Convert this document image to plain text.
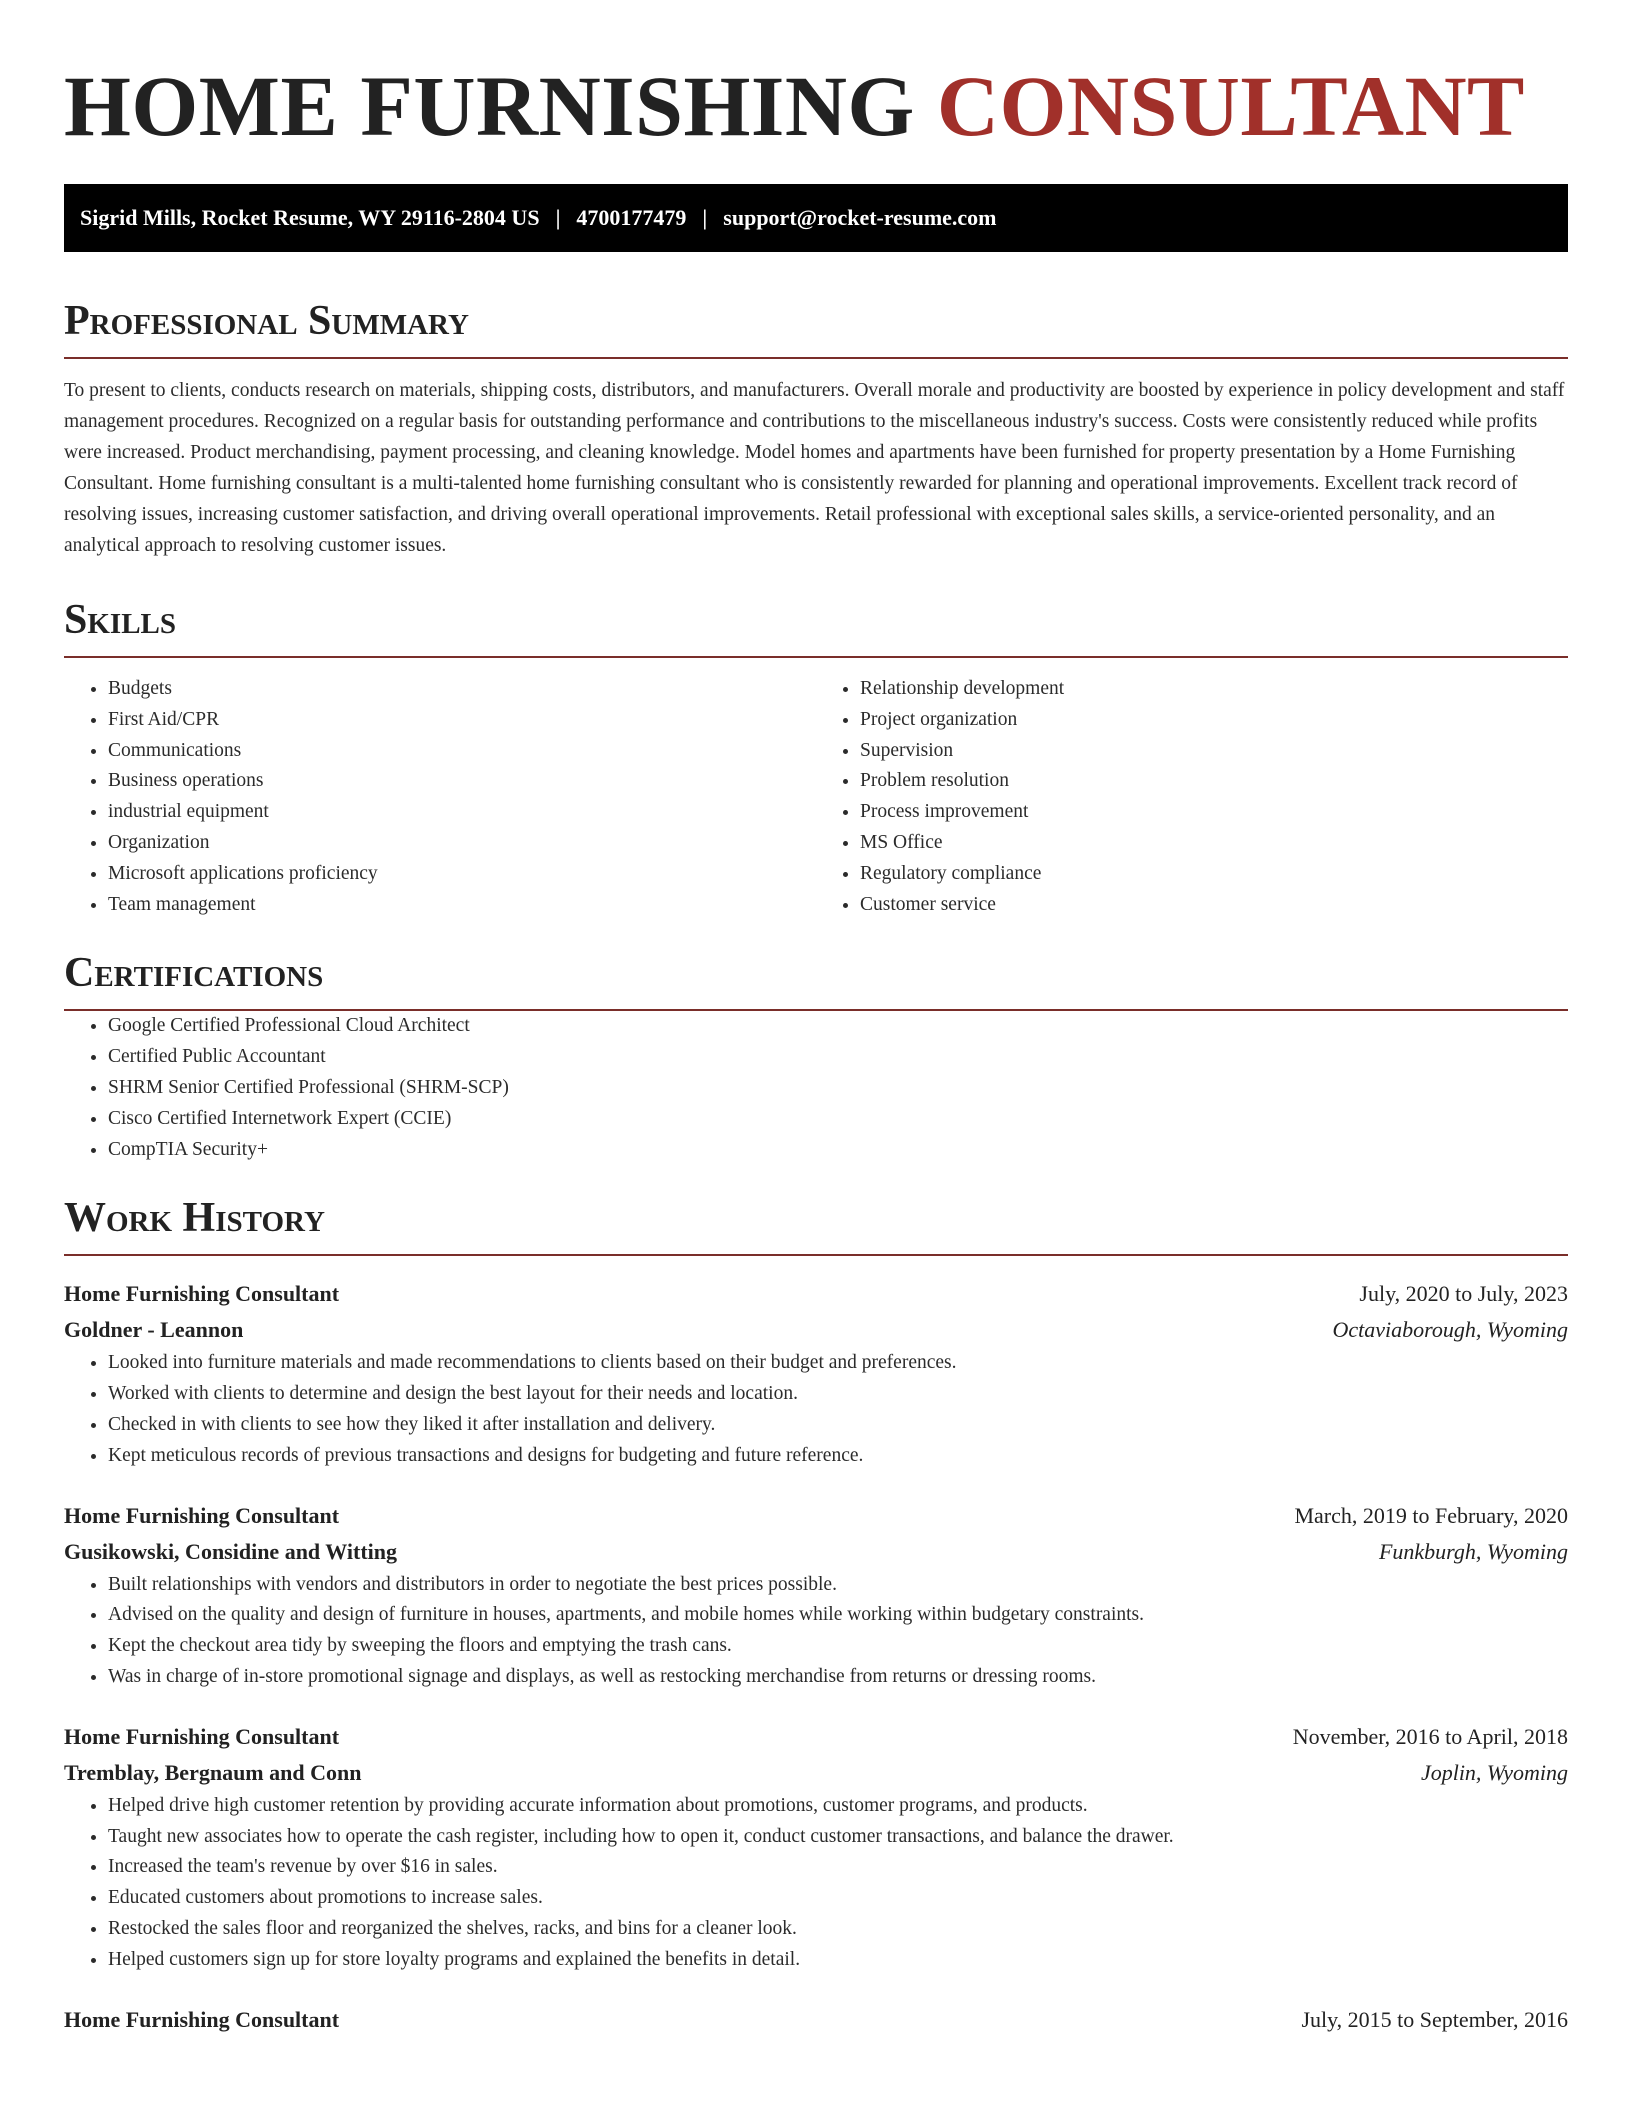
HOME FURNISHING CONSULTANT
Sigrid Mills, Rocket Resume, WY 29116-2804 US | 4700177479 | support@rocket-resume.com
Professional Summary

To present to clients, conducts research on materials, shipping costs, distributors, and manufacturers. Overall morale and productivity are boosted by experience in policy development and staff management procedures. Recognized on a regular basis for outstanding performance and contributions to the miscellaneous industry's success. Costs were consistently reduced while profits were increased. Product merchandising, payment processing, and cleaning knowledge. Model homes and apartments have been furnished for property presentation by a Home Furnishing Consultant. Home furnishing consultant is a multi-talented home furnishing consultant who is consistently rewarded for planning and operational improvements. Excellent track record of resolving issues, increasing customer satisfaction, and driving overall operational improvements. Retail professional with exceptional sales skills, a service-oriented personality, and an analytical approach to resolving customer issues.

Skills
• Budgets
• First Aid/CPR
• Communications
• Business operations
• industrial equipment
• Organization
• Microsoft applications proficiency
• Team management
• Relationship development
• Project organization
• Supervision
• Problem resolution
• Process improvement
• MS Office
• Regulatory compliance
• Customer service
Certifications
• Google Certified Professional Cloud Architect
• Certified Public Accountant
• SHRM Senior Certified Professional (SHRM-SCP)
• Cisco Certified Internetwork Expert (CCIE)
• CompTIA Security+
Work History
Home Furnishing Consultant	July, 2020 to July, 2023
Goldner - Leannon	Octaviaborough, Wyoming
• Looked into furniture materials and made recommendations to clients based on their budget and preferences.
• Worked with clients to determine and design the best layout for their needs and location.
• Checked in with clients to see how they liked it after installation and delivery.
• Kept meticulous records of previous transactions and designs for budgeting and future reference.
Home Furnishing Consultant	March, 2019 to February, 2020
Gusikowski, Considine and Witting	Funkburgh, Wyoming
• Built relationships with vendors and distributors in order to negotiate the best prices possible.
• Advised on the quality and design of furniture in houses, apartments, and mobile homes while working within budgetary constraints.
• Kept the checkout area tidy by sweeping the floors and emptying the trash cans.
• Was in charge of in-store promotional signage and displays, as well as restocking merchandise from returns or dressing rooms.
Home Furnishing Consultant	November, 2016 to April, 2018
Tremblay, Bergnaum and Conn	Joplin, Wyoming
• Helped drive high customer retention by providing accurate information about promotions, customer programs, and products.
• Taught new associates how to operate the cash register, including how to open it, conduct customer transactions, and balance the drawer.
• Increased the team's revenue by over $16 in sales.
• Educated customers about promotions to increase sales.
• Restocked the sales floor and reorganized the shelves, racks, and bins for a cleaner look.
• Helped customers sign up for store loyalty programs and explained the benefits in detail.
Home Furnishing Consultant	July, 2015 to September, 2016
